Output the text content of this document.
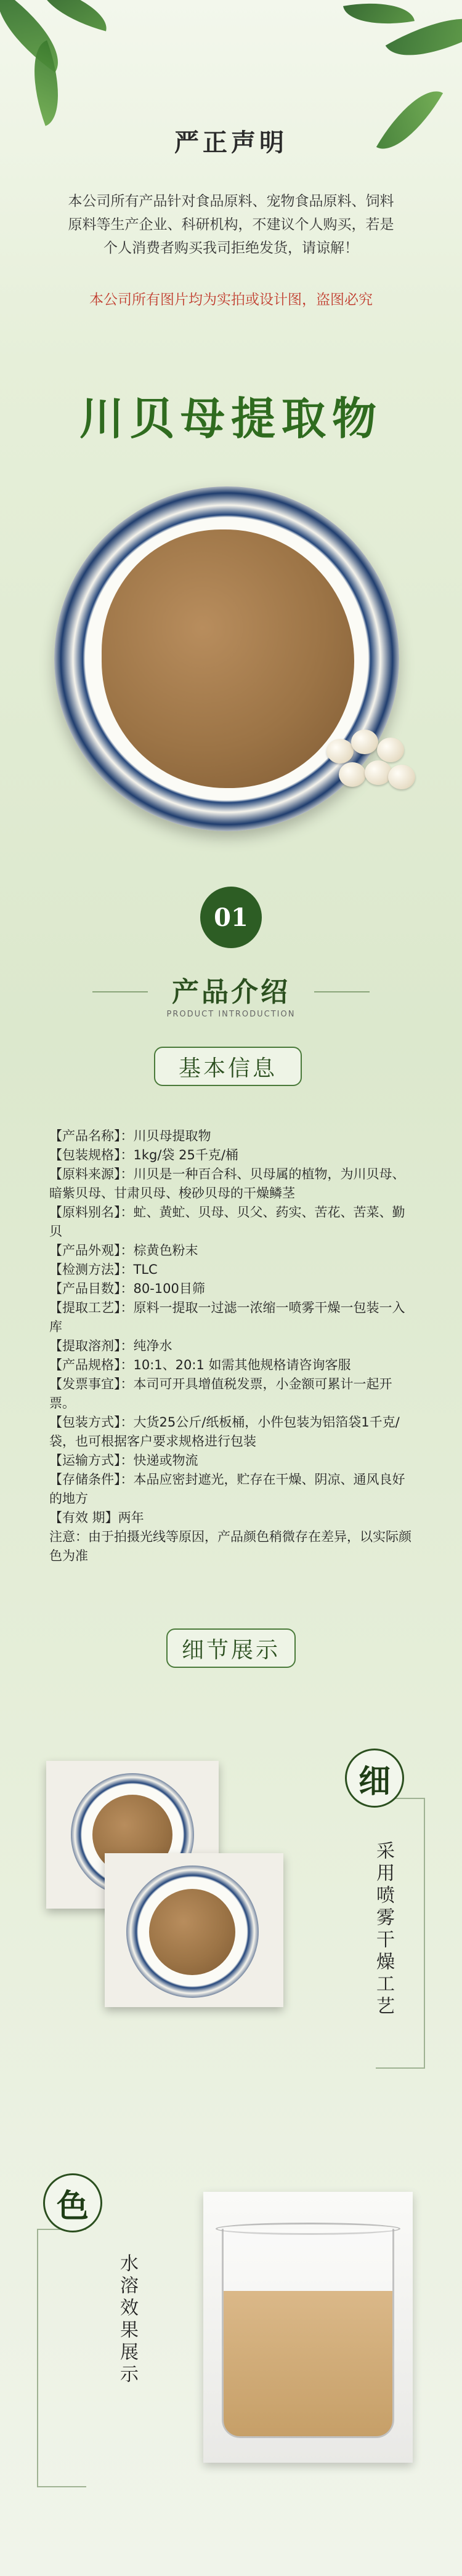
严正声明
本公司所有产品针对食品原料、宠物食品原料、饲料原料等生产企业、科研机构，不建议个人购买，若是个人消费者购买我司拒绝发货，请谅解！
本公司所有图片均为实拍或设计图，盗图必究
川贝母提取物
01
产品介绍
PRODUCT INTRODUCTION
基本信息

【产品名称】：川贝母提取物

【包装规格】：1kg/袋 25千克/桶

【原料来源】：川贝是一种百合科、贝母属的植物，为川贝母、暗紫贝母、甘肃贝母、梭砂贝母的干燥鳞茎

【原料别名】：虻、黄虻、贝母、贝父、药实、苦花、苦菜、勤贝

【产品外观】：棕黄色粉末

【检测方法】：TLC

【产品目数】：80-100目筛

【提取工艺】：原料一提取一过滤一浓缩一喷雾干燥一包装一入库

【提取溶剂】：纯净水

【产品规格】：10:1、20:1 如需其他规格请咨询客服

【发票事宜】：本司可开具增值税发票，小金额可累计一起开票。

【包装方式】：大货25公斤/纸板桶，小件包装为铝箔袋1千克/袋，也可根据客户要求规格进行包装

【运输方式】：快递或物流

【存储条件】：本品应密封遮光，贮存在干燥、阴凉、通风良好的地方

【有效 期】两年

注意：由于拍摄光线等原因，产品颜色稍微存在差异，以实际颜色为准

细节展示
细
采用喷雾干燥工艺
色
水溶效果展示
